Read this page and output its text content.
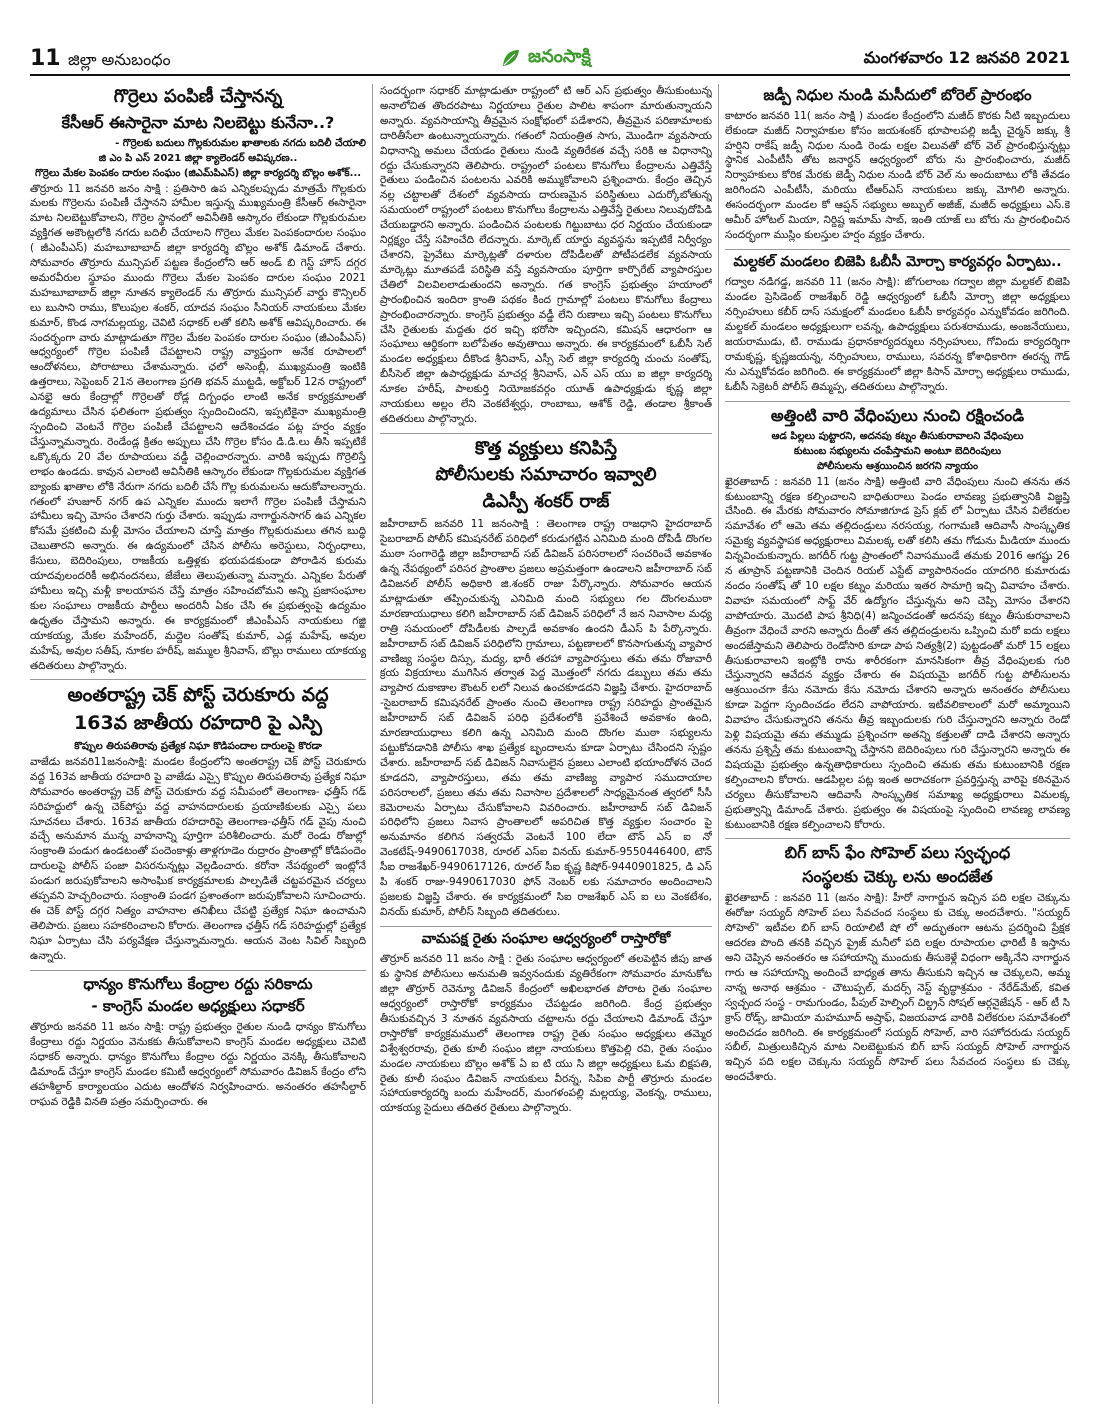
11 జిల్లా అనుబంధం	జనంసాక్షి	మంగళవారం 12 జనవరి 2021
గొర్రెలు పంపిణీ చేస్తానన్న
కేసీఆర్ ఈసారైనా మాట నిలబెట్టు కునేనా..?
- గొర్రెలకు బదులు గొల్లకురుమల ఖాతాలకు నగదు బదిలీ చేయాలి
జి ఎం పి ఎస్ 2021 జిల్లా క్యాలెండర్ ఆవిష్కరణ..
గొర్రెలు మేకల పెంపకం దారుల సంఘం (జిఎమ్‌పిఎస్) జిల్లా కార్యదర్శి బొల్లం అశోక్...

తొర్రూరు 11 జనవరి జనం సాక్షి : ప్రతిసారి ఉప ఎన్నికలప్పుడు మాత్రమే గొల్లకురు మలకు గొర్రెలను పంపిణీ చేస్తానని హామీల ఇస్తున్న ముఖ్యమంత్రి కేసీఆర్ ఈసారైనా మాట నిలబెట్టుకోవాలని, గొర్రెల స్థానంలో అవినీతికి ఆస్కారం లేకుండా గొల్లకురుమల వ్యక్తిగత అకౌంట్లలోకి నగదు బదిలీ చేయాలని గొర్రెలు మేకల పెంపకందారుల సంఘం ( జీఎంపీఎస్) మహబూబాబాద్ జిల్లా కార్యదర్శి బొల్లం అశోక్ డిమాండ్ చేశారు. సోమవారం తొర్రూరు మున్సిపల్ పట్టణ కేంద్రంలోని ఆర్ అండ్ బి గెస్ట్ హౌస్ దగ్గర అమరవీరుల స్థూపం ముందు గొర్రెలు మేకల పెంపకం దారుల సంఘం 2021 మహబూబాబాద్ జిల్లా నూతన క్యాలెండర్ ను తొర్రూరు మున్సిపల్ వార్డు కౌన్సిలర్ లు బుసాని రాము, కొలుపుల శంకర్, యాదవ సంఘం సీనియర్ నాయకులు మేకల కుమార్, కొండ నాగమల్లయ్య, చెవిటి సధాకర్ లతో కలిసి అశోక్ ఆవిష్కరించారు. ఈ సందర్భంగా వారు మాట్లాడుతూ గొర్రెల మేకల పెంపకం దారుల సంఘం (జీఎంపీఎస్) ఆధ్వర్యంలో గొర్రెల పంపిణీ చేపట్టాలని రాష్ట్ర వ్యాప్తంగా అనేక రూపాలలో ఆందోళనలు, పోరాటాలు చేశామన్నారు. ఛలో అసెంబ్లీ, ముఖ్యమంత్రి ఇంటికి ఉత్తరాలు, సెప్టెంబర్ 21న తెలంగాణ ప్రగతి భవన్ ముట్టడి, అక్టోబర్ 12న రాష్ట్రంలో ఎనభై ఆరు కేంద్రాల్లో గొర్రెలతో రోడ్ల దిగ్బంధం లాంటి అనేక కార్యక్రమాలతో ఉద్యమాలు చేసిన ఫలితంగా ప్రభుత్వం స్పందించిందని, ఇప్పటికైనా ముఖ్యమంత్రి స్పందించి వెంటనే గొర్రెల పంపిణీ చేపట్టాలని ఆదేశించడం పట్ల హర్షం వ్యక్తం చేస్తున్నామన్నారు. రెండేండ్ల క్రితం అప్పులు చేసి గొర్రెల కోసం డి.డి.లు తీసి ఇప్పటికే ఒక్కొక్కరు 20 వేల రూపాయలు వడ్డీ చెల్లించారన్నారు. వారికి ఇప్పుడు గొర్రెలిస్తే లాభం ఉండదు. కావున ఎలాంటి అవినీతికి ఆస్కారం లేకుండా గొల్లకురుమల వ్యక్తిగత బ్యాంకు ఖాతాల లోకి నేరుగా నగదు బదిలీ చేసే గొల్ల కురుమలను ఆదుకోవాలన్నారు. గతంలో హుజూర్ నగర్ ఉప ఎన్నికల ముందు ఇలాగే గొర్రెల పంపిణీ చేస్తామని హామీలు ఇచ్చి మోసం చేశారని గుర్తు చేశారు. ఇప్పుడు నాగార్జునసాగర్ ఉప ఎన్నికల కోసమే ప్రకటించి మళ్లీ మోసం చేయాలని చూస్తే మాత్రం గొల్లకురుమలు తగిన బుద్ధి చెబుతారని అన్నారు. ఈ ఉద్యమంలో చేసిన పోలీసు అరెస్టులు, నిర్బంధాలు, కేసులు, బెదిరింపులు, రాజకీయ ఒత్తిళ్లకు భయపడకుండా పోరాడిన కురుమ యాదవులందరికీ అభినందనలు, జేజేలు తెలుపుతున్నా మన్నారు. ఎన్నికల పేరుతో హామీలు ఇచ్చి మళ్లీ కాలయాపన చేస్తే మాత్రం సహించబోమని అన్ని ప్రజాసంఘాల కుల సంఘాలు రాజకీయ పార్టీలు అందరినీ ఏకం చేసి ఈ ప్రభుత్వంపై ఉద్యమం ఉధృతం చేస్తామని అన్నారు. ఈ కార్యక్రమంలో జీఎంపీఎస్ నాయకులు గజ్జి యాకయ్య, మేకల మహేందర్, మద్దెల సంతోష్ కుమార్, ఎడ్ల మహేష్, అవుల మహేష్, అవుల సతీష్, నూకల హరీష్, జమ్ముల శ్రీనివాస్, బొల్లు రాములు యాకయ్య తదితరులు పాల్గొన్నారు.

అంతరాష్ట్ర చెక్ పోస్ట్ చెరుకూరు వద్ద
163వ జాతీయ రహదారి పై ఎస్పి
కొప్పుల తిరుపతిరావు ప్రత్యేక నిఘా కొడిపందాల దారులపై కొరడా

వాజేడు జనవరి11జనంసాక్షి: మండల కేంద్రంలోని అంతరాష్ట్ర చెక్ పోస్ట్ చెరుకూరు వద్ద 163వ జాతీయ రహదారి పై వాజేడు ఎస్సై కొప్పుల తిరుపతిరావు ప్రత్యేక నిఘా సోమవారం అంతరాష్ట్ర చెక్ పోస్ట్ చెరుకూరు వద్ద సమీపంలో తెలంగాణ- ఛత్తీస్ గడ్ సరిహద్దులో ఉన్న చెక్‌పోస్టు వద్ద వాహనదారులకు ప్రయాణికులకు ఎస్సై పలు సూచనలు చేశారు. 163వ జాతీయ రహదారిపై తెలంగాణ-ఛత్తీస్ గడ్ వైపు నుంచి వచ్చే అనుమాన మున్న వాహనాన్ని పూర్తిగా పరిశీలించారు. మరో రెండు రోజుల్లో సంక్రాంతి పండుగ ఉండటంతో పందెంకాళ్లు తాళ్లగూడెం రుద్రారం ప్రాంతాల్లో కోడిపందెం దారులపై పోలీస్ పంజా విసరనున్నట్లు వెల్లడించారు. కరోనా నేపథ్యంలో ఇంట్లోనే పండుగ జరుపుకోవాలని అసాంఘిక కార్యక్రమాలకు పాల్పడితే చట్టపరమైన చర్యలు తప్పవని హెచ్చరించారు. సంక్రాంతి పండగ ప్రశాంతంగా జరుపుకోవాలని సూచించారు. ఈ చెక్ పోస్ట్ దగ్గర నిత్యం వాహనాల తనిఖీలు చేపట్టి ప్రత్యేక నిఘా ఉంచామని తెలిపారు. ప్రజలు సహకరించాలని కోరారు. తెలంగాణ ఛత్తీస్ గడ్ సరిహద్దుల్లో ప్రత్యేక నిఘా ఏర్పాటు చేసి పర్యవేక్షణ చేస్తున్నామన్నారు. ఆయన వెంట సివిల్ సిబ్బంది ఉన్నారు.

ధాన్యం కొనుగోలు కేంద్రాల రద్దు సరికాదు
- కాంగ్రెస్ మండల అధ్యక్షులు సధాకర్

తొర్రూరు జనవరి 11 జనం సాక్షి: రాష్ట్ర ప్రభుత్వం రైతుల నుండి ధాన్యం కొనుగోలు కేంద్రాలు రద్దు నిర్ణయం వెనుకకు తీసుకోవాలని కాంగ్రెస్ మండల అధ్యక్షులు చెవిటి సధాకర్ అన్నారు. ధాన్యం కొనుగోలు కేంద్రాల రద్దు నిర్ణయం వెనక్కి తీసుకోవాలని డిమాండ్ చేస్తూ కాంగ్రెస్ మండల కమిటీ ఆధ్వర్యంలో సోమవారం డివిజన్ కేంద్రం లోని తహశీల్దార్ కార్యాలయం ఎదుట ఆందోళన నిర్వహించారు. అనంతరం తహసీల్దార్ రాఘవ రెడ్డికి వినతి పత్రం సమర్పించారు. ఈ

సందర్భంగా సధాకర్ మాట్లాడుతూ రాష్ట్రంలో టి ఆర్ ఎస్ ప్రభుత్వం తీసుకుంటున్న అనాలోచిత తొందరపాటు నిర్ణయాలు రైతుల పాలిట శాపంగా మారుతున్నాయని అన్నారు. వ్యవసాయాన్ని తీవ్రమైన సంక్షోభంలో పడేశారని, తీవ్రమైన పరిణామాలకు దారితీసేలా ఉంటున్నాయన్నారు. గతంలో నియంత్రిత సాగు, మొండిగా వ్యవసాయ విధానాన్ని అమలు చేయడం రైతులు నుండి వ్యతిరేకత వచ్చే సరికి ఆ విధానాన్ని రద్దు చేసుకున్నారని తెలిపారు. రాష్ట్రంలో పంటలు కొనుగోలు కేంద్రాలను ఎత్తివేస్తే రైతులు పండించిన పంటలను ఎవరికి అమ్ముకోవాలని ప్రశ్నించారు. కేంద్రం తెచ్చిన నల్ల చట్టాలతో దేశంలో వ్యవసాయ దారుణమైన పరిస్థితులు ఎదుర్కోబోతున్న సమయంలో రాష్ట్రంలో పంటలు కొనుగోలు కేంద్రాలను ఎత్తివేస్తే రైతులు నిలువుదోపిడి చేయబడ్డారని అన్నారు. పండించిన పంటలకు గిట్టుబాటు ధర నిర్ణయం చేయకుండా నిర్లక్ష్యం చేస్తే సహించేది లేదన్నారు. మార్కెట్ యార్డు వ్యవస్థను ఇప్పటికే నిర్వీర్యం చేశారని, ప్రైవేటు మార్కెట్లతో దళారుల దోపిడీలతో పోటీపడలేక వ్యవసాయ మార్కెట్లు మూతపడే పరిస్థితి వస్తే వ్యవసాయం పూర్తిగా కార్పొరేట్ వ్యాపారస్తుల చేతిలో విలవిలలాడుతుందని అన్నారు. గత కాంగ్రెస్ ప్రభుత్వం హయాంలో ప్రారంభించిన ఇందిరా క్రాంతి పథకం కింద గ్రామాల్లో పంటలు కొనుగోలు కేంద్రాలు ప్రారంభించారన్నారు. కాంగ్రెస్ ప్రభుత్వం వడ్డీ లేని రుణాలు ఇచ్చి పంటలు కొనుగోలు చేసి రైతులకు మద్దతు ధర ఇచ్చి భరోసా ఇచ్చిందని, కమిషన్ ఆధారంగా ఆ సంఘాలు ఆర్థికంగా బలోపేతం అవుతాయి అన్నారు. ఈ కార్యక్రమంలో ఓబీసీ సెల్ మండల అధ్యక్షులు దీకొండ శ్రీనివాస్, ఎస్సీ సెల్ జిల్లా కార్యదర్శి చుంచు సంతోష్, బీసీసెల్ జిల్లా ఉపాధ్యక్షుడు మాచర్ల శ్రీనివాస్, ఎన్ ఎస్ యు ఐ జిల్లా కార్యదర్శి నూకల హరీష్, పాలకుర్తి నియోజకవర్గం యూత్ ఉపాధ్యక్షుడు కృష్ణ జిల్లా నాయకులు అల్లం లేని వెంకటేశ్వర్లు, రాంబాబు, ఆశోక్ రెడ్డి, తండాల శ్రీకాంత్ తదితరులు పాల్గొన్నారు.

కొత్త వ్యక్తులు కనిపిస్తే
పోలీసులకు సమాచారం ఇవ్వాలి
డిఎస్పీ శంకర్ రాజ్

జహీరాబాద్ జనవరి 11 జనంసాక్షి : తెలంగాణ రాష్ట్ర రాజధాని హైదరాబాద్ సైబరాబాద్ పోలీస్ కమిషనరేట్ పరిధిలో కరుడుగట్టిన ఎనిమిది మంది దోపిడీ దొంగల ముఠా సంగారెడ్డి జిల్లా జహీరాబాద్ సబ్ డివిజన్ పరిసరాలలో సంచరించే అవకాశం ఉన్న నేపథ్యంలో పరిసర ప్రాంతాల ప్రజలు అప్రమత్తంగా ఉండాలని జహీరాబాద్ సబ్ డివిజనల్ పోలీస్ అధికారి జి.శంకర్ రాజు పేర్కొన్నారు. సోమవారం ఆయన మాట్లాడుతూ తప్పించుకున్న ఎనిమిది మంది సభ్యులు గల దొంగలముఠా మారణాయుధాలు కలిగి జహీరాబాద్ సబ్ డివిజన్ పరిధిలో నే జన నివాసాల మధ్య రాత్రి సమయంలో దోపిడీలకు పాల్పడే అవకాశం ఉందని డీఎస్ పి పేర్కొన్నారు. జహీరాబాద్ సబ్ డివిజన్ పరిధిలోని గ్రామాలు, పట్టణాలలో కొనసాగుతున్న వ్యాపార వాణిజ్య సంస్థల దిస్సు, మద్య, భారీ తరహా వ్యాపారస్తులు తమ తమ రోజువారీ క్రయ విక్రయాలు ముగిసిన తర్వాత పెద్ద మొత్తంలో నగదు డబ్బులు తమ తమ వ్యాపార దుకాణాల కౌంటర్ లలో నిలువ ఉంచకూడదని విజ్ఞప్తి చేశారు. హైదరాబాద్ -సైబరాబాద్ కమిషనరేట్ ప్రాంతం నుంచి తెలంగాణ రాష్ట్ర సరిహద్దు ప్రాంతమైన జహీరాబాద్ సబ్ డివిజన్ పరిధి ప్రదేశంలోకి ప్రవేశించే అవకాశం ఉంది, మారణాయుధాలు కలిగి ఉన్న ఎనిమిది మంది దొంగల ముఠా సభ్యులను పట్టుకోవడానికి పోలీసు శాఖ ప్రత్యేక బృందాలను కూడా ఏర్పాటు చేసిందని స్పష్టం చేశారు. జహీరాబాద్ సబ్ డివిజన్ నివాసులైన ప్రజలు ఎలాంటి భయాందోళన చెంద కూడదని, వ్యాపారస్తులు, తమ తమ వాణిజ్య వ్యాపార సముదాయాల పరిసరాలలో, ప్రజలు తమ తమ నివాసాల ప్రదేశాలలో సాధ్యమైనంత త్వరలో సీసీ కెమెరాలను ఏర్పాటు చేసుకోవాలని వివరించారు. జహీరాబాద్ సబ్ డివిజన్ పరిధిలోని ప్రజలు నివాస ప్రాంతాలలో అపరిచిత కొత్త వ్యక్తుల సంచారం పై అనుమానం కలిగిన సత్వరమే వెంటనే 100 లేదా టౌన్ ఎస్ ఐ నో వెంకటేష్-9490617038, రూరల్ ఎస్ఐ వినయ్ కుమార్-9550446400, టౌన్ సీఐ రాజశేఖర్-9490617126, రూరల్ సీఐ కృష్ణ కిషోర్-9440901825, డి ఎస్ పి శంకర్ రాజు-9490617030 ఫోన్ నెంబర్ లకు సమాచారం అందించాలని ప్రజలకు విజ్ఞప్తి చేశారు. ఈ కార్యక్రమంలో సిఐ రాజశేఖర్ ఎస్ ఐ లు వెంకటేశం, వినయ్ కుమార్, పోలీస్ సిబ్బంది తదితరులు.

వామపక్ష రైతు సంఘాల ఆధ్వర్యంలో రాస్తారోకో

తొర్రూర్ జనవరి 11 జనం సాక్షి : రైతు సంఘాల ఆధ్వర్యంలో తలపెట్టిన జీపు జాత కు స్థానిక పోలీసులు అనుమతి ఇవ్వనందుకు వ్యతిరేకంగా సోమవారం మానుకోట జిల్లా తొర్రూర్ రెవెన్యూ డివిజన్ కేంద్రంలో అఖిలభారత పోరాట రైతు సంఘాల ఆధ్వర్యంలో రాస్తారోకో కార్యక్రమం చేపట్టడం జరిగింది. కేంద్ర ప్రభుత్వం తీసుకువచ్చిన 3 నూతన వ్యవసాయ చట్టాలను రద్దు చేయాలని డిమాండ్ చేస్తూ రాస్తారోకో కార్యక్రమములో తెలంగాణ రాష్ట్ర రైతు సంఘం అధ్యక్షులు తమ్మెర విశ్వేశ్వరరావు, రైతు కూలీ సంఘం జిల్లా నాయకులు కొత్తపెల్లి రవి, రైతు సంఘం మండల నాయకులు బొల్లం అశోక్ ఏ ఐ టి యు సి జిల్లా అధ్యక్షులు ఓమ బిక్షపతి, రైతు కూలీ సంఘం డివిజన్ నాయకులు వీరన్న, సిపిఐ పార్టీ తొర్రూరు మండల సహాయకార్యదర్శి బందు మహేందర్, మంగళంపల్లి మల్లయ్య, వెంకన్న, రాములు, యాకయ్య సైదులు తదితర రైతులు పాల్గొన్నారు.

జడ్పీ నిధుల నుండి మసీదులో బోరెల్ ప్రారంభం

కాటారం జనవరి 11( జనం సాక్షి ) మండల కేంద్రంలోని మజీద్ కొరకు నీటి ఇబ్బందులు లేకుండా మజీద్ నిర్వాహకుల కోసం జయశంకర్ భూపాలపల్లి జడ్పీ చైర్మన్ జక్కు శ్రీ హర్షిని రాకేష్ జడ్పీ నిధుల నుండి రెండు లక్షల విలువతో బోర్ వెల్ ప్రారంభిస్తున్నట్లు స్థానిక ఎంపీటీసీ తోట జనార్ధన్ ఆధ్వర్యంలో బోరు ను ప్రారంభించారు, మజీద్ నిర్వాహకులు కోరిక మేరకు జెడ్పీ నిధుల నుండి బోర్ వెల్ ను అందుబాటు లోకి తేవడం జరిగిందని ఎంపీటీసీ, మరియు టీఆర్ఎస్ నాయకులు జక్కు మోగిలి అన్నారు. ఈసందర్బంగా మండల కో ఆప్షన్ సభ్యులు అబ్బుల్ అజీజ్, మజీద్ అధ్యక్షులు ఎస్.కె అమీర్ హోటల్ మియా, నిర్దిష్ట ఇమామ్ సాబ్, ఇంతి యాజ్ లు బోరు ను ప్రారంభించిన సందర్భంగా ముస్లిం కులస్తుల హర్షం వ్యక్తం చేశారు.

మల్దకల్ మండలం బిజెపి ఓబీసీ మోర్చా కార్యవర్గం ఏర్పాటు..

గద్వాల నడిగడ్డ, జనవరి 11 (జనం సాక్షి): జోగులాంబ గద్వాల జిల్లా మల్దకల్ బిజెపి మండల ప్రెసిడెంట్ రాజశేఖర్ రెడ్డి ఆధ్వర్యంలో ఓబీసీ మోర్చా జిల్లా అధ్యక్షులు నర్సింహులు కబీర్ దాస్ సమక్షంలో మండలం ఓబీసీ కార్యవర్గం ఎన్నుకోవడం జరిగింది. మల్దకల్ మండలం అధ్యక్షులుగా లవన్న, ఉపాధ్యక్షులు పరుశరాముడు, అంజనేయులు, జయరాముడు, టి. రాముడు ప్రధానకార్యదర్శులు నర్సింహులు, గోవిందు కార్యదర్శిగా రామకృష్ణ, కృష్ణజయన్న, నర్సింహులు, రాములు, సవరన్న కోశాధికారిగా ఈరన్న గౌడ్ ను ఎన్నుకోవడం జరిగింది. ఈ కార్యక్రమంలో జిల్లా కిసాన్ మోర్చా అధ్యక్షులు రాముడు, ఓబీసీ సెక్రెటరీ పోలీస్ తిమ్మప్ప, తదితరులు పాల్గొన్నారు.

అత్తింటి వారి వేధింపులు నుంచి రక్షించండి
ఆడ పిల్లలు పుట్టారని, అదనపు కట్నం తీసుకురావాలని వేధింపులు
కుటుంబ సభ్యులను చంపేస్తామని అంటూ బెదిరింపులు
పోలీసులను ఆశ్రయించిన జరగని న్యాయం

ఖైరతాబాద్ : జనవరి 11 (జనం సాక్షి) అత్తింటి వారి వేధింపులు నుంచి తనను తన కుటుంబాన్ని రక్షణ కల్పించాలని బాధితురాలు పెండం లావణ్య ప్రభుత్వానికి విజ్ఞప్తి చేసింది. ఈ మేరకు సోమవారం సోమాజిగూడ ప్రెస్ క్లబ్ లో ఏర్పాటు చేసిన విలేకరుల సమావేశం లో ఆమె తమ తల్లిదండ్రులు నరసయ్య, గంగామణి ఆదివాసీ సాంస్కృతిక సమైక్య వ్యవస్థాపక అధ్యక్షురాలు విమలక్క లతో కలిసి తమ గోడును మీడియా ముందు విన్నవించుకున్నారు. జగదీర్ గుట్ట ప్రాంతంలో నివాసముండే తమకు 2016 ఆగష్టు 26 న తూప్రాన్ పట్టణానికి చెందిన రియల్ ఎస్టేట్ వ్యాపారినందం యాదగిరి కుమారుడు నందం సంతోష్ తో 10 లక్షల కట్నం మరియు ఇతర సామాగ్రి ఇచ్చి వివాహం చేశారు. వివాహ సమయంలో సాఫ్ట్ వేర్ ఉద్యోగం చేస్తున్నను అని చెప్పి మోసం చేశారని వాపోయారు. మొదటి పాప శ్రీనిధి(4) జన్మించడంతో అదనపు కట్నం తీసుకురావాలని తీవ్రంగా వేధించే వారని అన్నారు దీంతో తన తల్లిదండ్రులను ఒప్పించి మరో ఐదు లక్షలు అందజేస్తామని తెలిపారు రెండోసారి కూడా పాప నిత్యశ్రీ(2) పుట్టడంతో మరో 15 లక్షలు తీసుకురావాలని ఇంట్లోకి రాను శారీరకంగా మానసికంగా తీవ్ర వేధింపులకు గురి చేస్తున్నారని ఆవేదన వ్యక్తం చేశారు ఈ విషయమై జగదీర్ గుట్ట పోలీసులను ఆశ్రయించగా కేసు నమోదు కేసు నమోదు చేశారని అన్నారు అనంతరం పోలీసులు కూడా పెద్దగా స్పందించడం లేదని వాపోయారు. ఇటీవలికాలంలో మరో అమ్మాయిని వివాహం చేసుకున్నారని తనను తీవ్ర ఇబ్బందులకు గురి చేస్తున్నారని అన్నారు రెండో పెళ్లి విషయమై తమ తమ్ముడు ప్రశ్నించగా అతన్ని కత్తులతో దాడి చేశారని అన్నారు తనను ప్రశ్నిస్తే తమ కుటుంబాన్ని చేస్తానని బెదిరింపులు గురి చేస్తున్నారని అన్నారు ఈ విషయమై ప్రభుత్వం ఉన్నతాధికారులు స్పందించి తమకు తమ కుటుంబానికి రక్షణ కల్పించాలని కోరారు. ఆడపిల్లల పట్ల ఇంత అరాచకంగా ప్రవర్తిస్తున్న వారిపై కఠినమైన చర్యలు తీసుకోవాలని ఆదివాసీ సాంస్కృతిక సమాఖ్య అధ్యక్షురాలు విమలక్క ప్రభుత్వాన్ని డిమాండ్ చేశారు. ప్రభుత్వం ఈ విషయంపై స్పందించి లావణ్య లావణ్య కుటుంబానికి రక్షణ కల్పించాలని కోరారు.

బిగ్ బాస్ ఫేం సోహెల్ పలు స్వచ్ఛంధ
సంస్థలకు చెక్కు లను అందజేత

ఖైరతాబాద్ : జనవరి 11 (జనం సాక్షి): హీరో నాగార్జున ఇచ్చిన పది లక్షల చెక్కును ఈరోజు సయ్యద్ సోహెల్ పలు సేవచంద సంస్థలు కు చెక్కు అందచేశారు. "సయ్యద్ సోహెల్" ఇటీవల బిగ్ బాస్ రియాలిటీ షో లో అద్భుతంగా ఆటను ప్రదర్శించి ప్రేక్షక ఆదరణ పొంది తనకి వచ్చిన ప్రైజ్ మనీలో పది లక్షల రూపాయల ఛారిటీ కి ఇస్తాను అని చెప్పిన అనంతరం ఆ సహాయాన్ని ముందుకు తీసుకెళ్లే విధంగా అక్కినేని నాగార్జున గారు ఆ సహాయాన్ని అందించే బాధ్యత తాను తీసుకుని ఇచ్చిన ఆ చెక్కులని, అమ్మ నాన్న అనాథ ఆశ్రమం - చౌటుప్పల్, మదర్స్ నెస్ట్ వృద్ధాశ్రమం - నేరేడ్‌మేట్, కవిత స్వచ్ఛంద సంస్థ - రామగుండం, పీపుల్ హెల్పింగ్ చిల్డ్రన్ సోషల్ ఆర్గనైజేషన్ - ఆర్ టీ సి క్రాస్ రోడ్స్, జామియా మహమూద్ అష్రాఫ్, విజయవాడ వారికి విలేకరుల సమావేశంలో అందిచడం జరిగింది. ఈ కార్యక్రమంలో సయ్యద్ సోహెల్, వారి సహోదరుడు సయ్యద్ సబీల్, మిత్రులుకిచ్చిన మాట నిలబెట్టుకున బిగ్ బాస్ సయ్యద్ సోహెల్ నాగార్జున ఇచ్చిన పది లక్షల చెక్కును సయ్యద్ సోహెల్ పలు సేవచంద సంస్థలు కు చెక్కు అందచేశారు.
